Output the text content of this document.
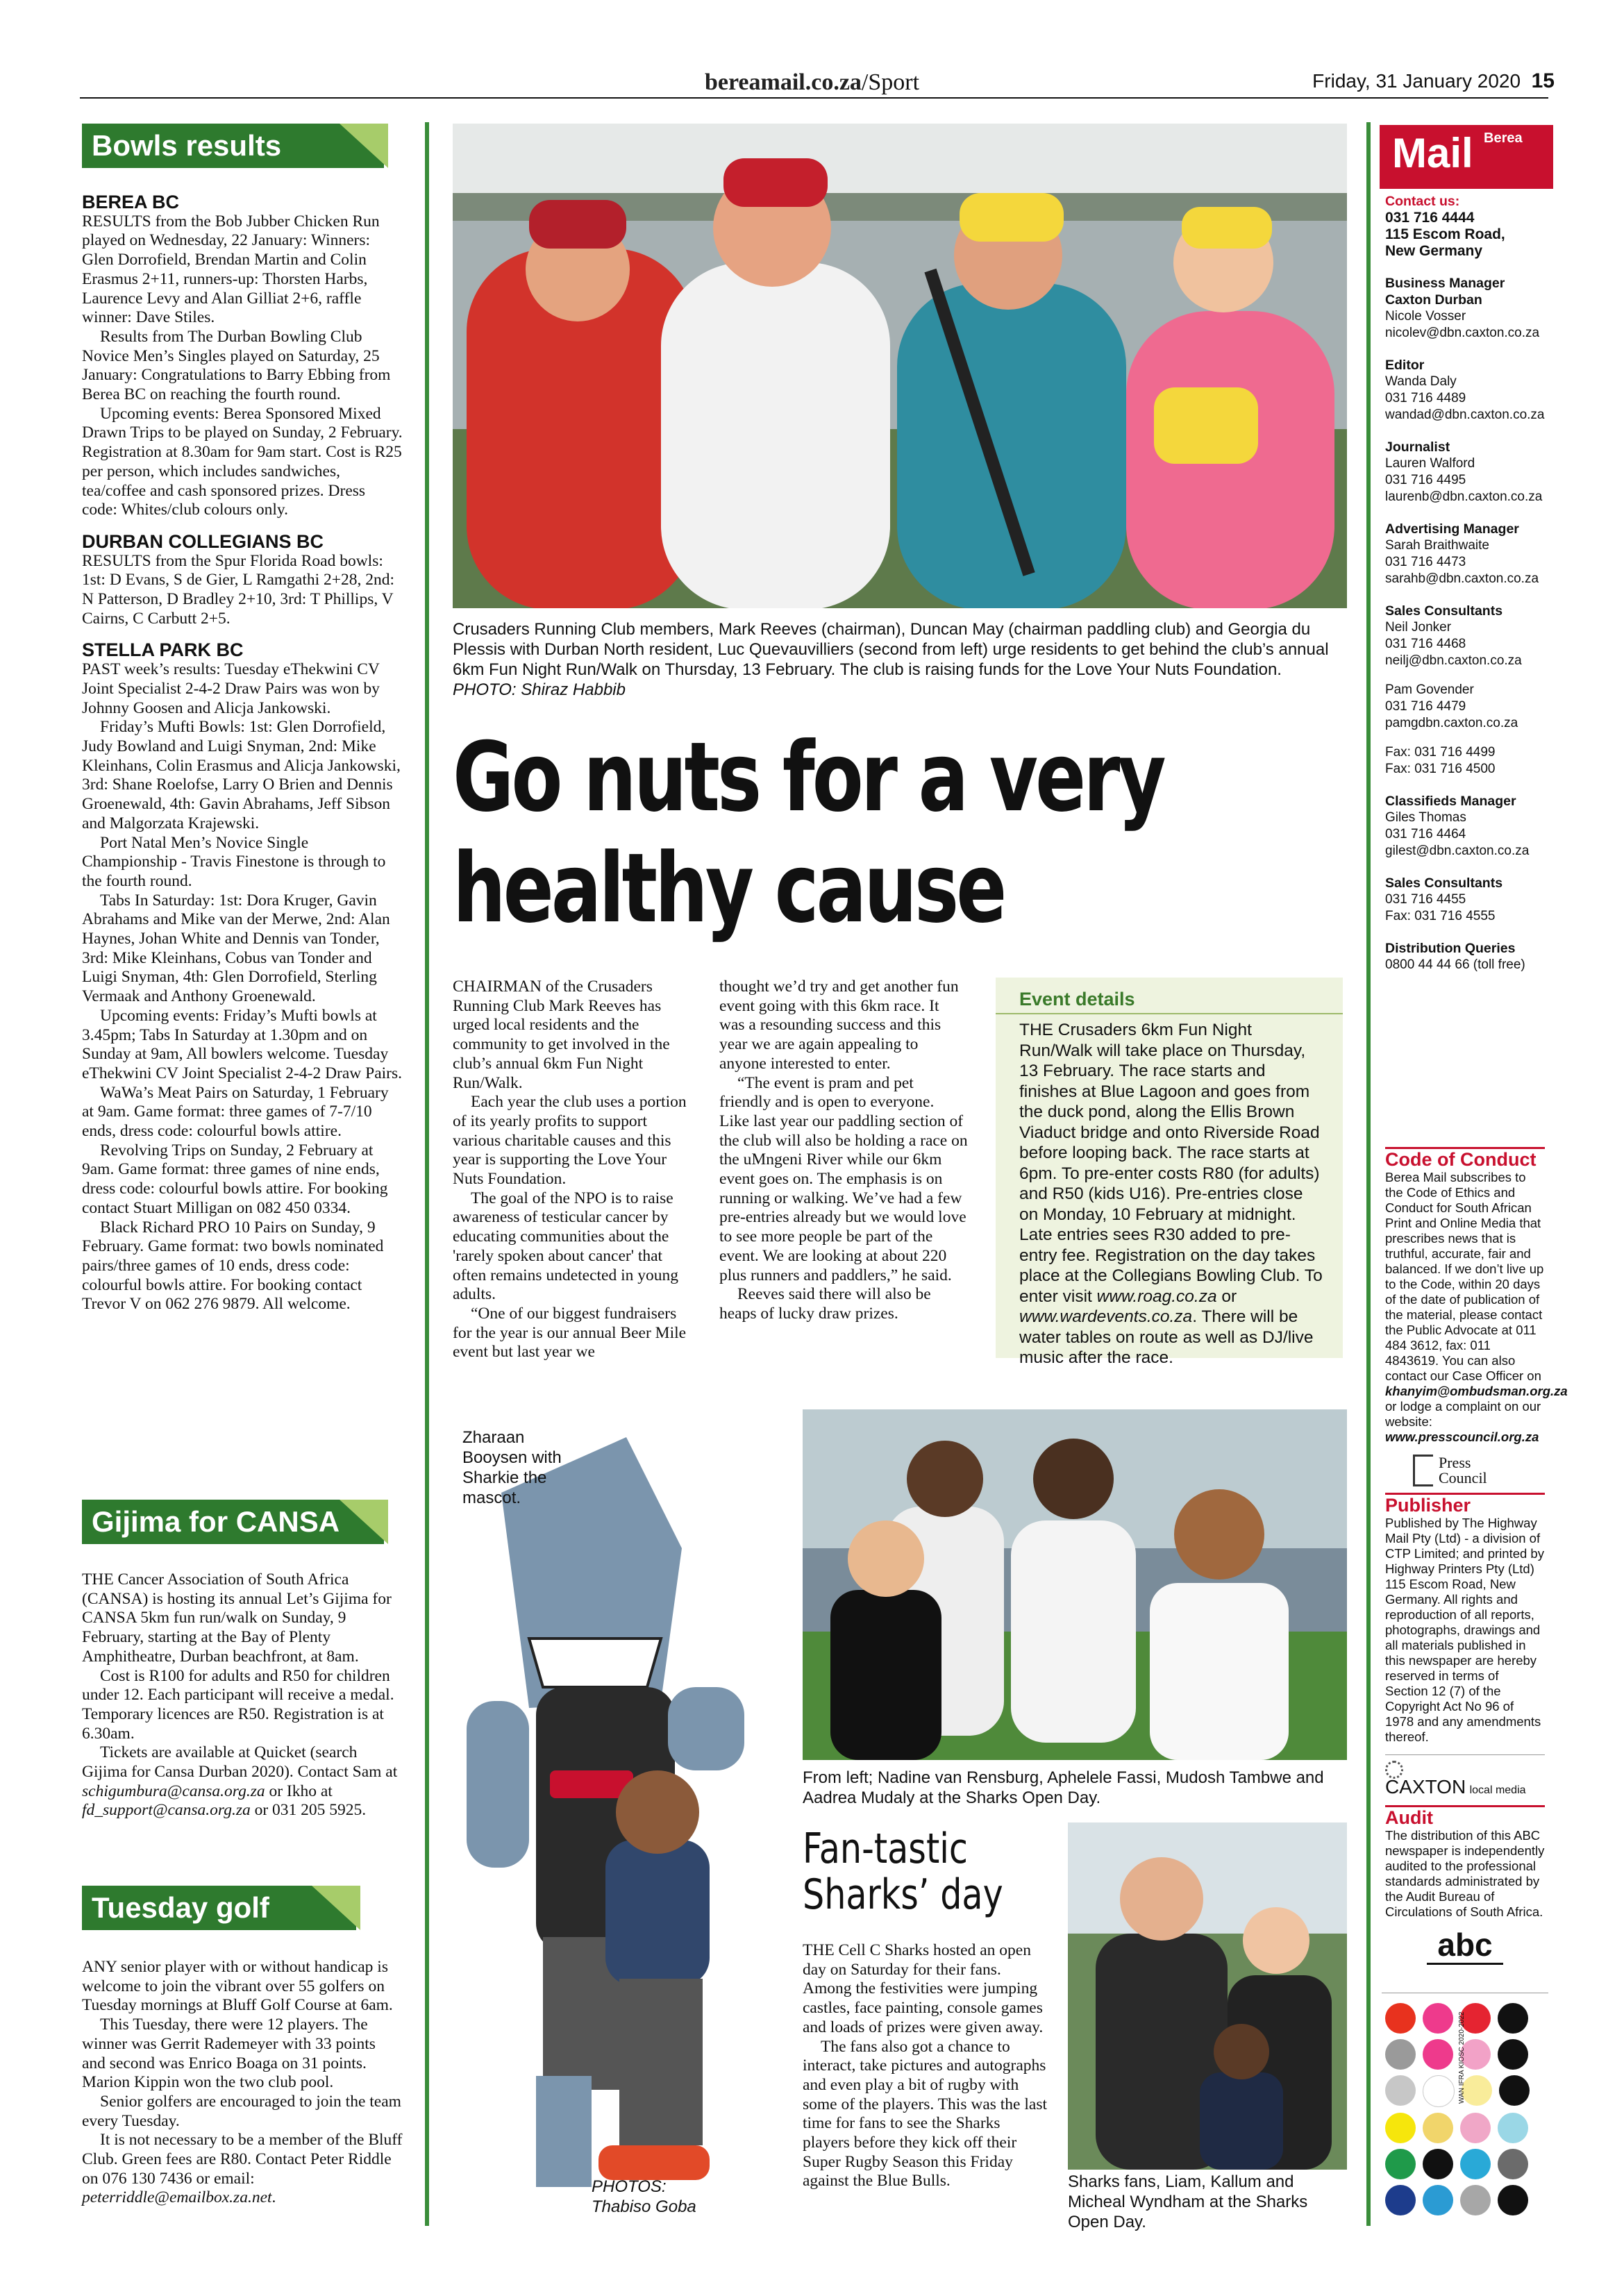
bereamail.co.za/Sport	Friday, 31 January 2020 15
Bowls results
BEREA BC

RESULTS from the Bob Jubber Chicken Run played on Wednesday, 22 January: Winners: Glen Dorrofield, Brendan Martin and Colin Erasmus 2+11, runners-up: Thorsten Harbs, Laurence Levy and Alan Gilliat 2+6, raffle winner: Dave Stiles.

Results from The Durban Bowling Club Novice Men’s Singles played on Saturday, 25 January: Congratulations to Barry Ebbing from Berea BC on reaching the fourth round.

Upcoming events: Berea Sponsored Mixed Drawn Trips to be played on Sunday, 2 February. Registration at 8.30am for 9am start. Cost is R25 per person, which includes sandwiches, tea/coffee and cash sponsored prizes. Dress code: Whites/club colours only.

DURBAN COLLEGIANS BC

RESULTS from the Spur Florida Road bowls: 1st: D Evans, S de Gier, L Ramgathi 2+28, 2nd: N Patterson, D Bradley 2+10, 3rd: T Phillips, V Cairns, C Carbutt 2+5.

STELLA PARK BC

PAST week’s results: Tuesday eThekwini CV Joint Specialist 2-4-2 Draw Pairs was won by Johnny Goosen and Alicja Jankowski.

Friday’s Mufti Bowls: 1st: Glen Dorrofield, Judy Bowland and Luigi Snyman, 2nd: Mike Kleinhans, Colin Erasmus and Alicja Jankowski, 3rd: Shane Roelofse, Larry O Brien and Dennis Groenewald, 4th: Gavin Abrahams, Jeff Sibson and Malgorzata Krajewski.

Port Natal Men’s Novice Single Championship - Travis Finestone is through to the fourth round.

Tabs In Saturday: 1st: Dora Kruger, Gavin Abrahams and Mike van der Merwe, 2nd: Alan Haynes, Johan White and Dennis van Tonder, 3rd: Mike Kleinhans, Cobus van Tonder and Luigi Snyman, 4th: Glen Dorrofield, Sterling Vermaak and Anthony Groenewald.

Upcoming events: Friday’s Mufti bowls at 3.45pm; Tabs In Saturday at 1.30pm and on Sunday at 9am, All bowlers welcome. Tuesday eThekwini CV Joint Specialist 2-4-2 Draw Pairs.

WaWa’s Meat Pairs on Saturday, 1 February at 9am. Game format: three games of 7-7/10 ends, dress code: colourful bowls attire.

Revolving Trips on Sunday, 2 February at 9am. Game format: three games of nine ends, dress code: colourful bowls attire. For booking contact Stuart Milligan on 082 450 0334.

Black Richard PRO 10 Pairs on Sunday, 9 February. Game format: two bowls nominated pairs/three games of 10 ends, dress code: colourful bowls attire. For booking contact Trevor V on 062 276 9879. All welcome.

Gijima for CANSA

THE Cancer Association of South Africa (CANSA) is hosting its annual Let’s Gijima for CANSA 5km fun run/walk on Sunday, 9 February, starting at the Bay of Plenty Amphitheatre, Durban beachfront, at 8am.

Cost is R100 for adults and R50 for children under 12. Each participant will receive a medal. Temporary licences are R50. Registration is at 6.30am.

Tickets are available at Quicket (search Gijima for Cansa Durban 2020). Contact Sam at schigumbura@cansa.org.za or Ikho at fd_support@cansa.org.za or 031 205 5925.

Tuesday golf

ANY senior player with or without handicap is welcome to join the vibrant over 55 golfers on Tuesday mornings at Bluff Golf Course at 6am.

This Tuesday, there were 12 players. The winner was Gerrit Rademeyer with 33 points and second was Enrico Boaga on 31 points. Marion Kippin won the two club pool.

Senior golfers are encouraged to join the team every Tuesday.

It is not necessary to be a member of the Bluff Club. Green fees are R80. Contact Peter Riddle on 076 130 7436 or email: peterriddle@emailbox.za.net.

Crusaders Running Club members, Mark Reeves (chairman), Duncan May (chairman paddling club) and Georgia du Plessis with Durban North resident, Luc Quevauvilliers (second from left) urge residents to get behind the club’s annual 6km Fun Night Run/Walk on Thursday, 13 February. The club is raising funds for the Love Your Nuts Foundation. PHOTO: Shiraz Habbib
Go nuts for a very
healthy cause

CHAIRMAN of the Crusaders Running Club Mark Reeves has urged local residents and the community to get involved in the club’s annual 6km Fun Night Run/Walk.

Each year the club uses a portion of its yearly profits to support various charitable causes and this year is supporting the Love Your Nuts Foundation.

The goal of the NPO is to raise awareness of testicular cancer by educating communities about the 'rarely spoken about cancer' that often remains undetected in young adults.

“One of our biggest fundraisers for the year is our annual Beer Mile event but last year we

thought we’d try and get another fun event going with this 6km race. It was a resounding success and this year we are again appealing to anyone interested to enter.

“The event is pram and pet friendly and is open to everyone. Like last year our paddling section of the club will also be holding a race on the uMngeni River while our 6km event goes on. The emphasis is on running or walking. We’ve had a few pre-entries already but we would love to see more people be part of the event. We are looking at about 220 plus runners and paddlers,” he said.

Reeves said there will also be heaps of lucky draw prizes.

Event details
THE Crusaders 6km Fun Night Run/Walk will take place on Thursday, 13 February. The race starts and finishes at Blue Lagoon and goes from the duck pond, along the Ellis Brown Viaduct bridge and onto Riverside Road before looping back. The race starts at 6pm. To pre-enter costs R80 (for adults) and R50 (kids U16). Pre-entries close on Monday, 10 February at midnight. Late entries sees R30 added to pre-entry fee. Registration on the day takes place at the Collegians Bowling Club. To enter visit www.roag.co.za or www.wardevents.co.za. There will be water tables on route as well as DJ/live music after the race.
Zharaan Booysen with Sharkie the mascot.
PHOTOS: Thabiso Goba
From left; Nadine van Rensburg, Aphelele Fassi, Mudosh Tambwe and Aadrea Mudaly at the Sharks Open Day.
Fan-tastic
Sharks’ day

THE Cell C Sharks hosted an open day on Saturday for their fans. Among the festivities were jumping castles, face painting, console games and loads of prizes were given away.

The fans also got a chance to interact, take pictures and autographs and even play a bit of rugby with some of the players. This was the last time for fans to see the Sharks players before they kick off their Super Rugby Season this Friday against the Blue Bulls.	Sharks fans, Liam, Kallum and Micheal Wyndham at the Sharks Open Day.
Mail Berea
Contact us:
031 716 4444
115 Escom Road,
New Germany
Business Manager
Caxton Durban
Nicole Vosser
nicolev@dbn.caxton.co.za
Editor
Wanda Daly
031 716 4489
wandad@dbn.caxton.co.za
Journalist
Lauren Walford
031 716 4495
laurenb@dbn.caxton.co.za
Advertising Manager
Sarah Braithwaite
031 716 4473
sarahb@dbn.caxton.co.za
Sales Consultants
Neil Jonker
031 716 4468
neilj@dbn.caxton.co.za
Pam Govender
031 716 4479
pamgdbn.caxton.co.za
Fax: 031 716 4499
Fax: 031 716 4500
Classifieds Manager
Giles Thomas
031 716 4464
gilest@dbn.caxton.co.za
Sales Consultants
031 716 4455
Fax: 031 716 4555
Distribution Queries
0800 44 44 66 (toll free)
Code of Conduct
Berea Mail subscribes to the Code of Ethics and Conduct for South African Print and Online Media that prescribes news that is truthful, accurate, fair and balanced. If we don’t live up to the Code, within 20 days of the date of publication of the material, please contact the Public Advocate at 011 484 3612, fax: 011 4843619. You can also contact our Case Officer on khanyim@ombudsman.org.za or lodge a complaint on our website: www.presscouncil.org.za
Press
Council
Publisher
Published by The Highway Mail Pty (Ltd) - a division of CTP Limited; and printed by Highway Printers Pty (Ltd) 115 Escom Road, New Germany. All rights and reproduction of all reports, photographs, drawings and all materials published in this newspaper are hereby reserved in terms of Section 12 (7) of the Copyright Act No 96 of 1978 and any amendments thereof.

CAXTON local media
Audit
The distribution of this ABC newspaper is independently audited to the professional standards administrated by the Audit Bureau of Circulations of South Africa.
abc
WAN IFRA KIOSC 2020-2022
